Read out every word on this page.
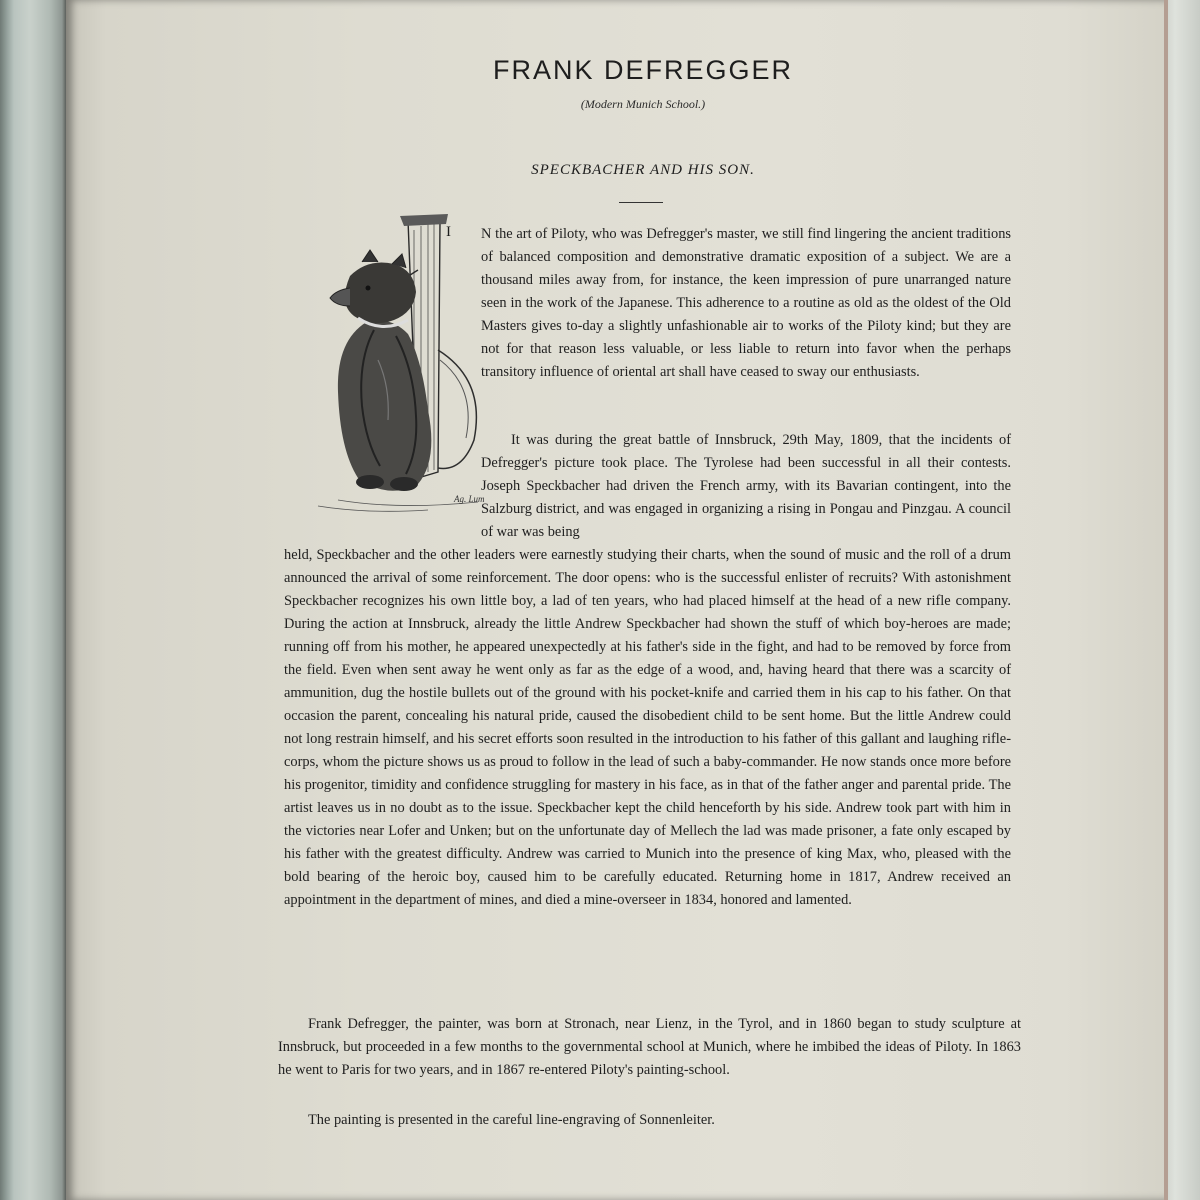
FRANK DEFREGGER
(Modern Munich School.)
SPECKBACHER AND HIS SON.
Ag. Lum
I N the art of Piloty, who was Defregger's master, we still find lingering the ancient traditions of balanced composition and demonstrative dramatic exposition of a subject. We are a thousand miles away from, for instance, the keen impression of pure unarranged nature seen in the work of the Japanese. This adherence to a routine as old as the oldest of the Old Masters gives to-day a slightly unfashionable air to works of the Piloty kind; but they are not for that reason less valuable, or less liable to return into favor when the perhaps transitory influence of oriental art shall have ceased to sway our enthusiasts.

It was during the great battle of Innsbruck, 29th May, 1809, that the incidents of Defregger's picture took place. The Tyrolese had been successful in all their contests. Joseph Speckbacher had driven the French army, with its Bavarian contingent, into the Salzburg district, and was engaged in organizing a rising in Pongau and Pinzgau. A council of war was being

held, Speckbacher and the other leaders were earnestly studying their charts, when the sound of music and the roll of a drum announced the arrival of some reinforcement. The door opens: who is the successful enlister of recruits? With astonishment Speckbacher recognizes his own little boy, a lad of ten years, who had placed himself at the head of a new rifle company. During the action at Innsbruck, already the little Andrew Speckbacher had shown the stuff of which boy-heroes are made; running off from his mother, he appeared unexpectedly at his father's side in the fight, and had to be removed by force from the field. Even when sent away he went only as far as the edge of a wood, and, having heard that there was a scarcity of ammunition, dug the hostile bullets out of the ground with his pocket-knife and carried them in his cap to his father. On that occasion the parent, concealing his natural pride, caused the disobedient child to be sent home. But the little Andrew could not long restrain himself, and his secret efforts soon resulted in the introduction to his father of this gallant and laughing rifle-corps, whom the picture shows us as proud to follow in the lead of such a baby-commander. He now stands once more before his progenitor, timidity and confidence struggling for mastery in his face, as in that of the father anger and parental pride. The artist leaves us in no doubt as to the issue. Speckbacher kept the child henceforth by his side. Andrew took part with him in the victories near Lofer and Unken; but on the unfortunate day of Mellech the lad was made prisoner, a fate only escaped by his father with the greatest difficulty. Andrew was carried to Munich into the presence of king Max, who, pleased with the bold bearing of the heroic boy, caused him to be carefully educated. Returning home in 1817, Andrew received an appointment in the department of mines, and died a mine-overseer in 1834, honored and lamented.

Frank Defregger, the painter, was born at Stronach, near Lienz, in the Tyrol, and in 1860 began to study sculpture at Innsbruck, but proceeded in a few months to the governmental school at Munich, where he imbibed the ideas of Piloty. In 1863 he went to Paris for two years, and in 1867 re-entered Piloty's painting-school.

The painting is presented in the careful line-engraving of Sonnenleiter.
